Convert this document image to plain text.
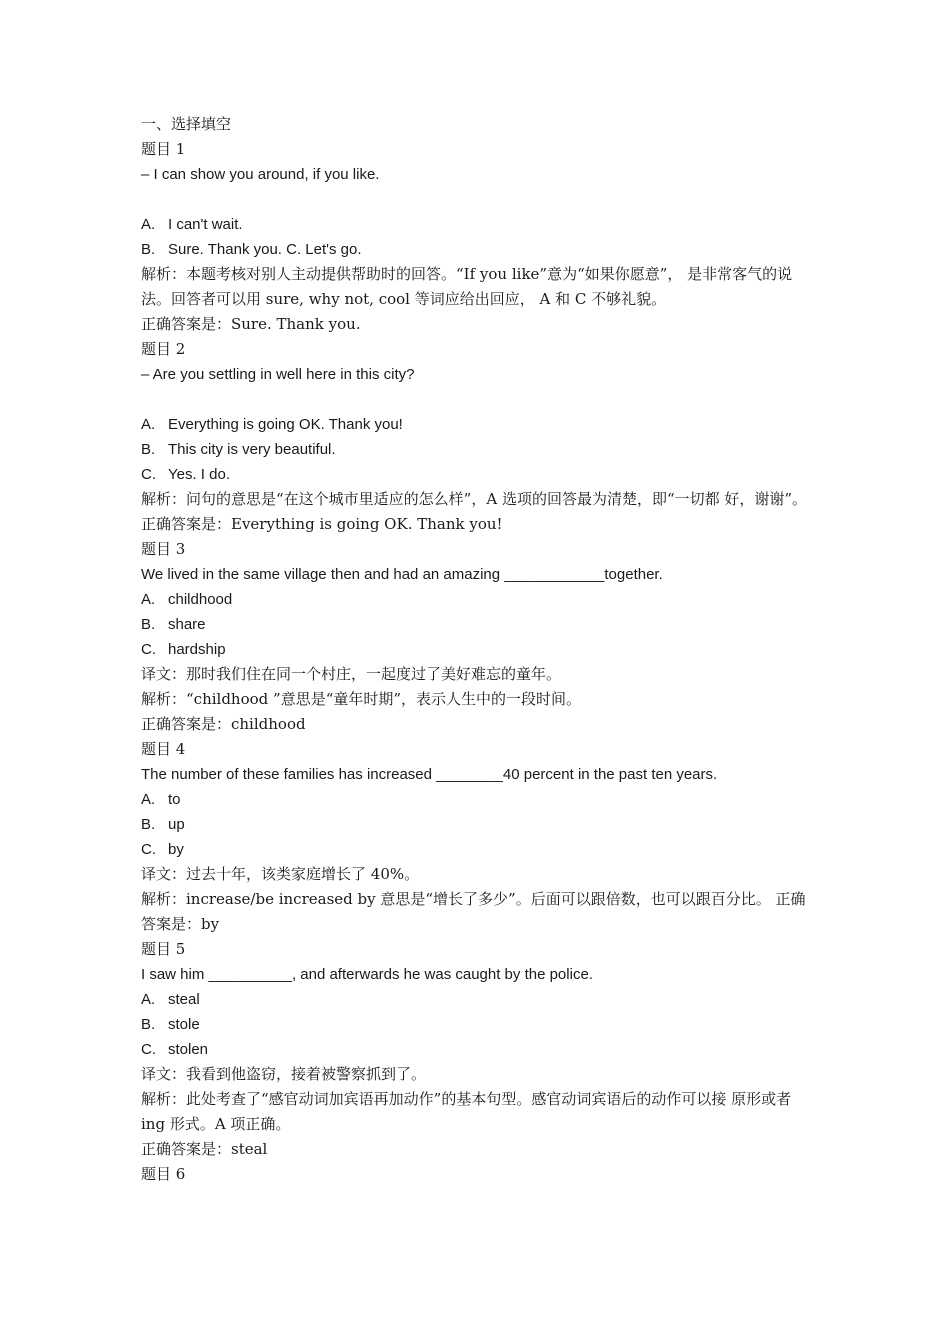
一、选择填空

题目 1

– I can show you around, if you like.

A. I can't wait.

B. Sure. Thank you. C. Let's go.

解析：本题考核对别人主动提供帮助时的回答。“If you like”意为“如果你愿意”， 是非常客气的说法。回答者可以用 sure, why not, cool 等词应给出回应， A 和 C 不够礼貌。

正确答案是：Sure. Thank you.

题目 2

– Are you settling in well here in this city?

A. Everything is going OK. Thank you!

B. This city is very beautiful.

C. Yes. I do.

解析：问句的意思是“在这个城市里适应的怎么样”，A 选项的回答最为清楚，即“一切都 好，谢谢”。

正确答案是：Everything is going OK. Thank you!

题目 3

We lived in the same village then and had an amazing ____________together.

A. childhood

B. share

C. hardship

译文：那时我们住在同一个村庄，一起度过了美好难忘的童年。

解析：“childhood ”意思是“童年时期”，表示人生中的一段时间。

正确答案是：childhood

题目 4

The number of these families has increased ________40 percent in the past ten years.

A. to

B. up

C. by

译文：过去十年，该类家庭增长了 40%。

解析：increase/be increased by 意思是“增长了多少”。后面可以跟倍数，也可以跟百分比。 正确答案是：by

题目 5

I saw him __________, and afterwards he was caught by the police.

A. steal

B. stole

C. stolen

译文：我看到他盗窃，接着被警察抓到了。

解析：此处考查了“感官动词加宾语再加动作”的基本句型。感官动词宾语后的动作可以接 原形或者 ing 形式。A 项正确。

正确答案是：steal

题目 6
